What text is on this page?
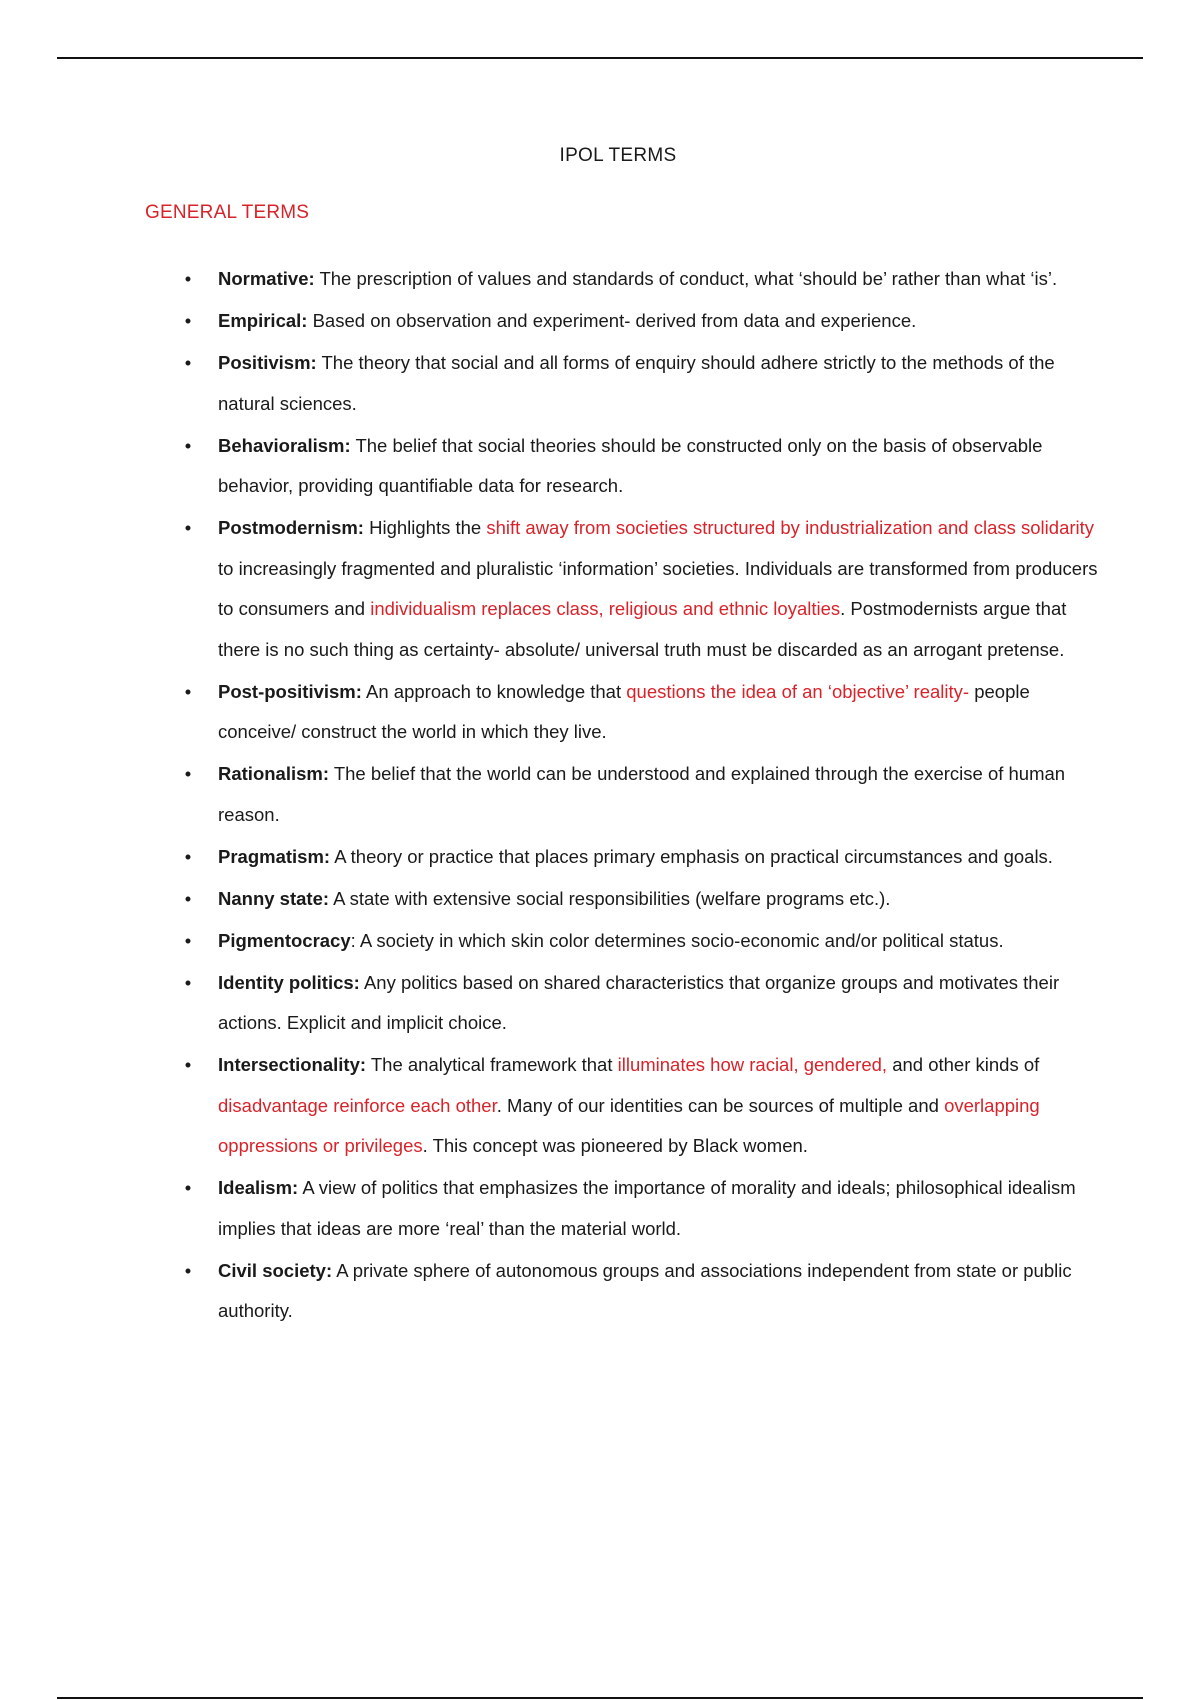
IPOL TERMS
GENERAL TERMS
• Normative: The prescription of values and standards of conduct, what ‘should be’ rather than what ‘is’.
• Empirical: Based on observation and experiment- derived from data and experience.
• Positivism: The theory that social and all forms of enquiry should adhere strictly to the methods of the natural sciences.
• Behavioralism: The belief that social theories should be constructed only on the basis of observable behavior, providing quantifiable data for research.
• Postmodernism: Highlights the shift away from societies structured by industrialization and class solidarity to increasingly fragmented and pluralistic ‘information’ societies. Individuals are transformed from producers to consumers and individualism replaces class, religious and ethnic loyalties. Postmodernists argue that there is no such thing as certainty- absolute/ universal truth must be discarded as an arrogant pretense.
• Post-positivism: An approach to knowledge that questions the idea of an ‘objective’ reality- people conceive/ construct the world in which they live.
• Rationalism: The belief that the world can be understood and explained through the exercise of human reason.
• Pragmatism: A theory or practice that places primary emphasis on practical circumstances and goals.
• Nanny state: A state with extensive social responsibilities (welfare programs etc.).
• Pigmentocracy: A society in which skin color determines socio-economic and/or political status.
• Identity politics: Any politics based on shared characteristics that organize groups and motivates their actions. Explicit and implicit choice.
• Intersectionality: The analytical framework that illuminates how racial, gendered, and other kinds of disadvantage reinforce each other. Many of our identities can be sources of multiple and overlapping oppressions or privileges. This concept was pioneered by Black women.
• Idealism: A view of politics that emphasizes the importance of morality and ideals; philosophical idealism implies that ideas are more ‘real’ than the material world.
• Civil society: A private sphere of autonomous groups and associations independent from state or public authority.
